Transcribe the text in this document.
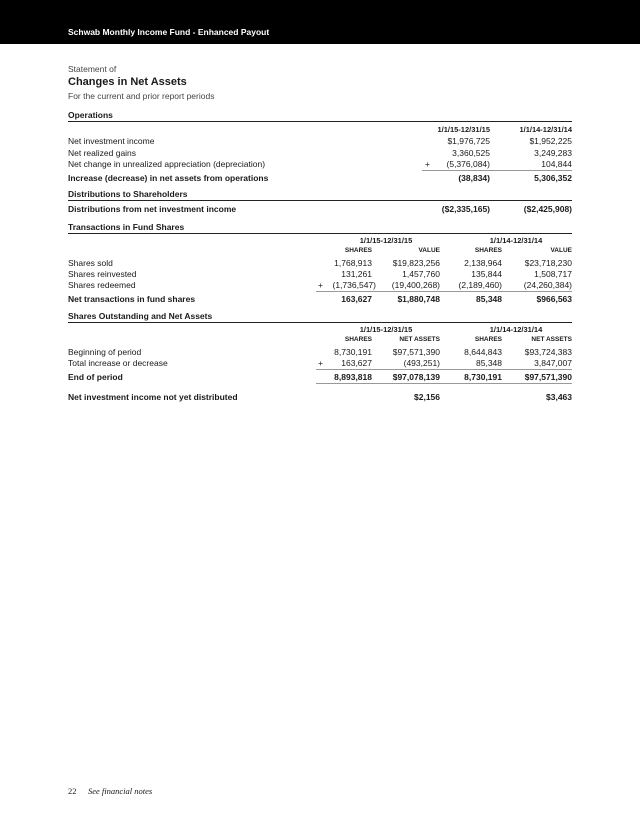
Schwab Monthly Income Fund - Enhanced Payout
Statement of
Changes in Net Assets
For the current and prior report periods
Operations
1/1/15-12/31/15	1/1/14-12/31/14
Net investment income	$1,976,725	$1,952,225
Net realized gains	3,360,525	3,249,283
Net change in unrealized appreciation (depreciation)	+	(5,376,084)	104,844
Increase (decrease) in net assets from operations	(38,834)	5,306,352
Distributions to Shareholders
Distributions from net investment income	($2,335,165)	($2,425,908)
Transactions in Fund Shares
1/1/15-12/31/15	1/1/14-12/31/14
SHARES	VALUE	SHARES	VALUE
Shares sold	1,768,913	$19,823,256	2,138,964	$23,718,230
Shares reinvested	131,261	1,457,760	135,844	1,508,717
Shares redeemed	+	(1,736,547)	(19,400,268)	(2,189,460)	(24,260,384)
Net transactions in fund shares	163,627	$1,880,748	85,348	$966,563
Shares Outstanding and Net Assets
1/1/15-12/31/15	1/1/14-12/31/14
SHARES	NET ASSETS	SHARES	NET ASSETS
Beginning of period	8,730,191	$97,571,390	8,644,843	$93,724,383
Total increase or decrease	+	163,627	(493,251)	85,348	3,847,007
End of period	8,893,818	$97,078,139	8,730,191	$97,571,390
Net investment income not yet distributed	$2,156	$3,463
22 See financial notes
